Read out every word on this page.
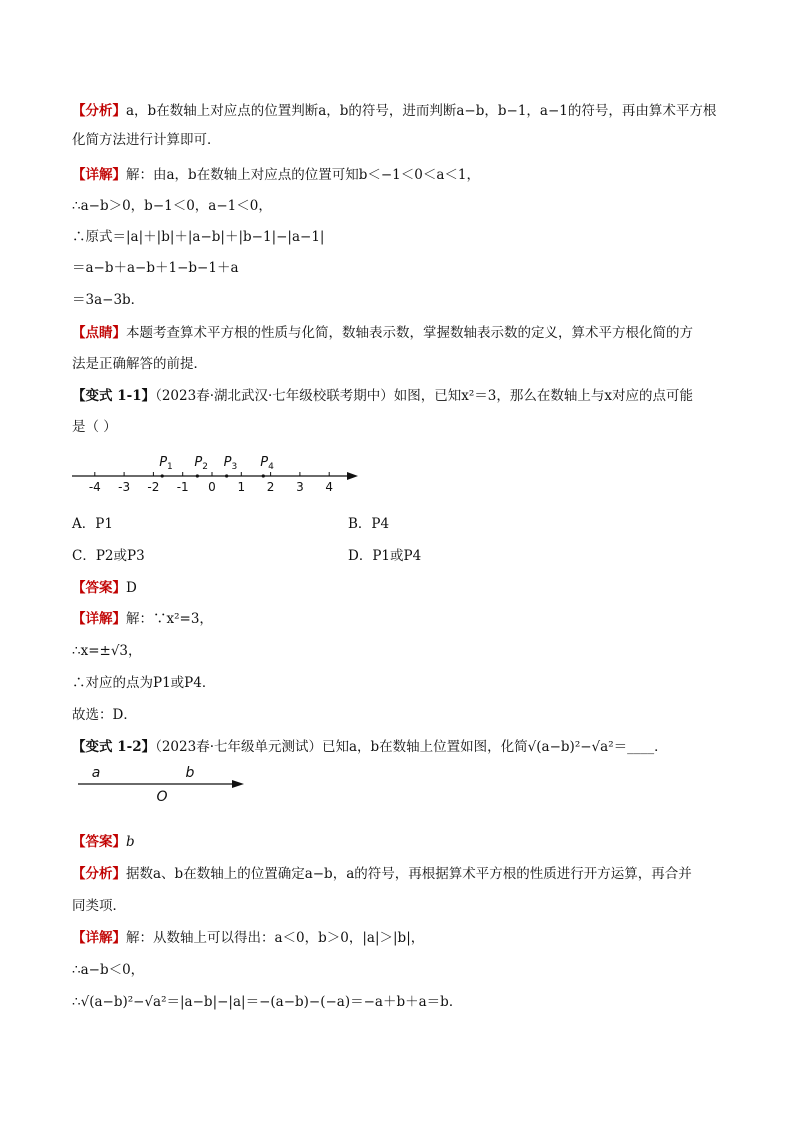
【分析】a，b在数轴上对应点的位置判断a，b的符号，进而判断a−b，b−1，a−1的符号，再由算术平方根
化简方法进行计算即可．
【详解】解：由a，b在数轴上对应点的位置可知b＜−1＜0＜a＜1，
∴a−b＞0，b−1＜0，a−1＜0，
∴原式＝|a|＋|b|＋|a−b|＋|b−1|−|a−1|
＝a−b＋a−b＋1−b−1＋a
＝3a−3b．
【点睛】本题考查算术平方根的性质与化简，数轴表示数，掌握数轴表示数的定义，算术平方根化简的方
法是正确解答的前提．
【变式 1-1】（2023春·湖北武汉·七年级校联考期中）如图，已知x²＝3，那么在数轴上与x对应的点可能
是（ ）
-4 -3 -2 -1 0 1 2 3 4
$P_1$ $P_2$ $P_3$ $P_4$
A．P1	B．P4
C．P2或P3	D．P1或P4
【答案】D
【详解】解：∵x²=3，
∴x=±√3，
∴对应的点为P1或P4．
故选：D．
【变式 1-2】（2023春·七年级单元测试）已知a，b在数轴上位置如图，化简√(a−b)²−√a²＝____．
a	b
O
【答案】b
【分析】据数a、b在数轴上的位置确定a−b，a的符号，再根据算术平方根的性质进行开方运算，再合并
同类项．
【详解】解：从数轴上可以得出：a＜0，b＞0，|a|＞|b|，
∴a−b＜0，
∴√(a−b)²−√a²＝|a−b|−|a|＝−(a−b)−(−a)＝−a＋b＋a＝b．
